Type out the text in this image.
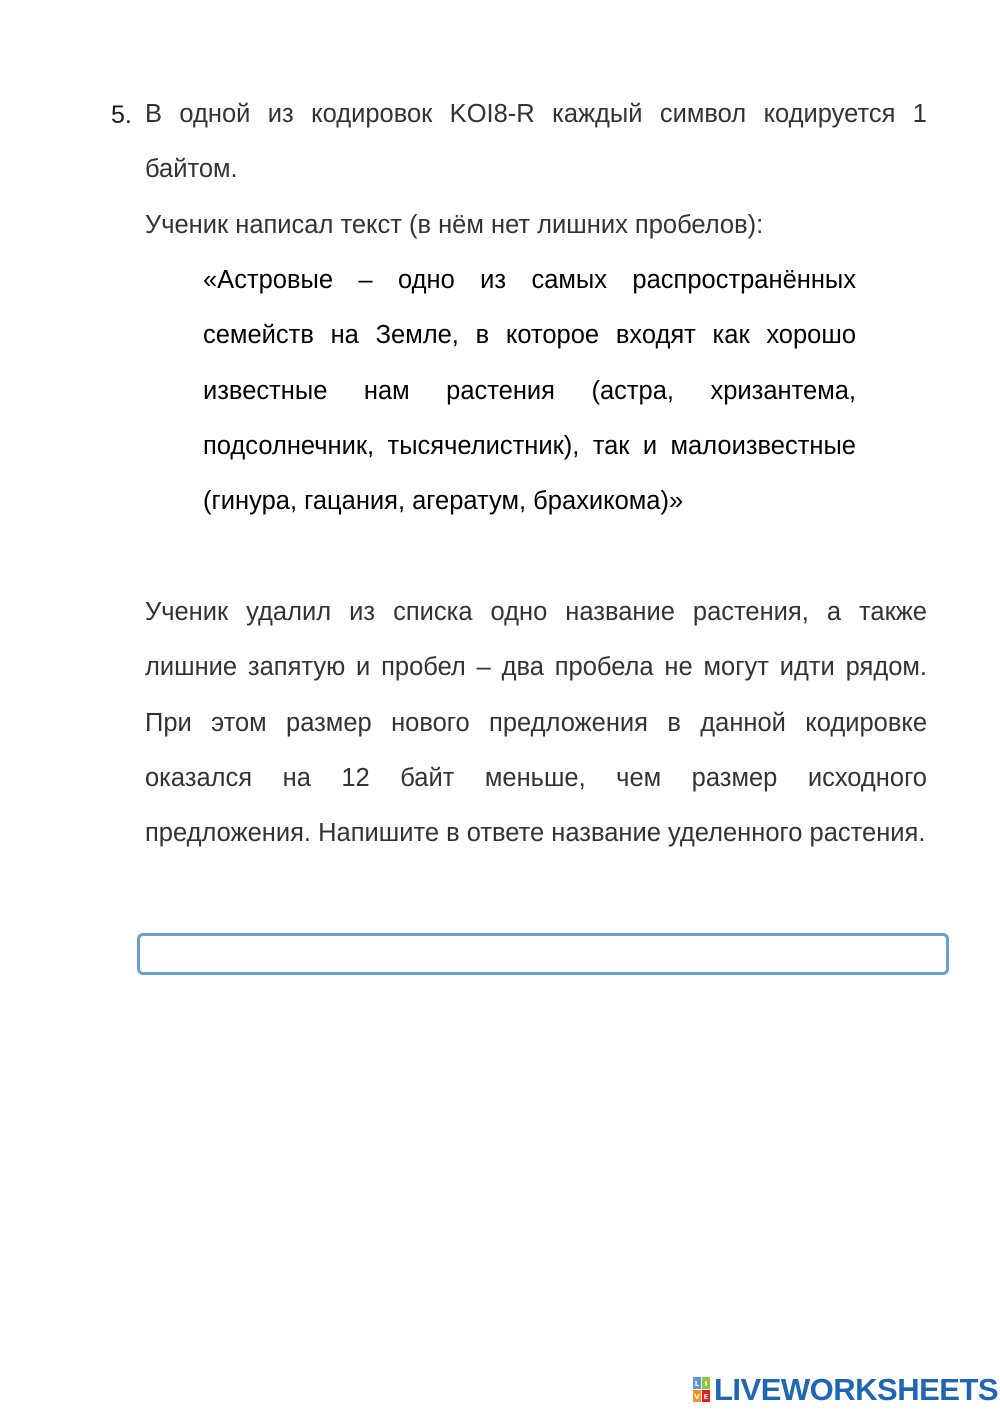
5. В одной из кодировок KOI8-R каждый символ кодируется 1 байтом.
Ученик написал текст (в нём нет лишних пробелов):
«Астровые – одно из самых распространённых семейств на Земле, в которое входят как хорошо известные нам растения (астра, хризантема, подсолнечник, тысячелистник), так и малоизвестные (гинура, гацания, агератум, брахикома)»
Ученик удалил из списка одно название растения, а также лишние запятую и пробел – два пробела не могут идти рядом. При этом размер нового предложения в данной кодировке оказался на 12 байт меньше, чем размер исходного предложения. Напишите в ответе название уделенного растения.
L I
V E LIVEWORKSHEETS
